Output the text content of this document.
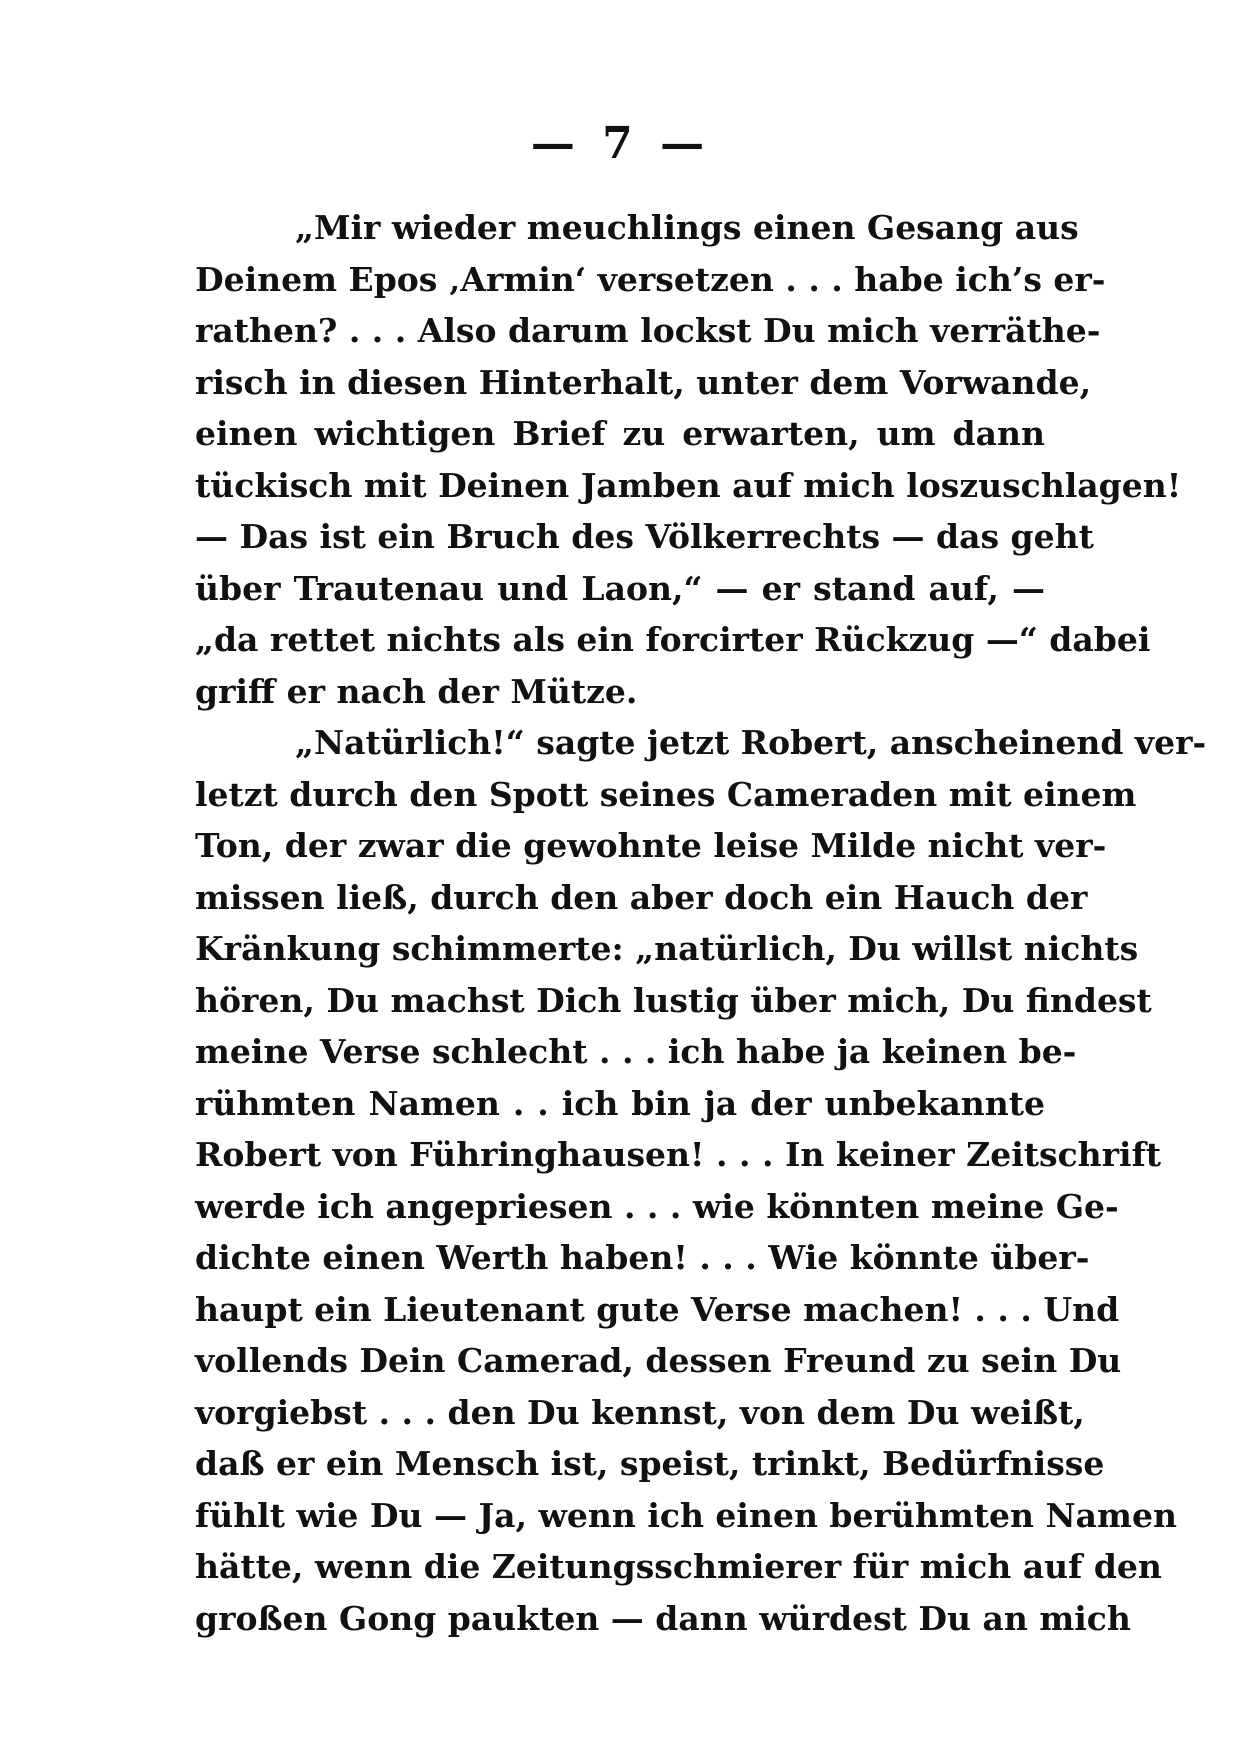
— 7 —
„Mir wieder meuchlings einen Gesang aus
Deinem Epos ‚Armin‘ versetzen . . . habe ich’s er-
rathen? . . . Also darum lockst Du mich verräthe-
risch in diesen Hinterhalt, unter dem Vorwande,
einen wichtigen Brief zu erwarten, um dann
tückisch mit Deinen Jamben auf mich loszuschlagen!
— Das ist ein Bruch des Völkerrechts — das geht
über Trautenau und Laon,“ — er stand auf, —
„da rettet nichts als ein forcirter Rückzug —“ dabei
griff er nach der Mütze.
„Natürlich!“ sagte jetzt Robert, anscheinend ver-
letzt durch den Spott seines Cameraden mit einem
Ton, der zwar die gewohnte leise Milde nicht ver-
missen ließ, durch den aber doch ein Hauch der
Kränkung schimmerte: „natürlich, Du willst nichts
hören, Du machst Dich lustig über mich, Du findest
meine Verse schlecht . . . ich habe ja keinen be-
rühmten Namen . . ich bin ja der unbekannte
Robert von Führinghausen! . . . In keiner Zeitschrift
werde ich angepriesen . . . wie könnten meine Ge-
dichte einen Werth haben! . . . Wie könnte über-
haupt ein Lieutenant gute Verse machen! . . . Und
vollends Dein Camerad, dessen Freund zu sein Du
vorgiebst . . . den Du kennst, von dem Du weißt,
daß er ein Mensch ist, speist, trinkt, Bedürfnisse
fühlt wie Du — Ja, wenn ich einen berühmten Namen
hätte, wenn die Zeitungsschmierer für mich auf den
großen Gong paukten — dann würdest Du an mich
